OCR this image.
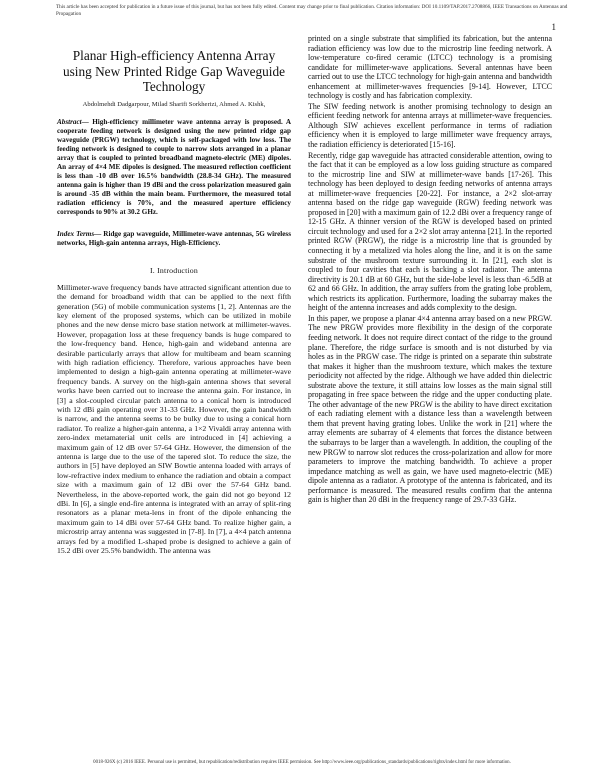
This article has been accepted for publication in a future issue of this journal, but has not been fully edited. Content may change prior to final publication. Citation information: DOI 10.1109/TAP.2017.2708866, IEEE Transactions on Antennas and Propagation
1
Planar High-efficiency Antenna Array using New Printed Ridge Gap Waveguide Technology
Abdolmehdi Dadgarpour, Milad Sharifi Sorkherizi, Ahmed A. Kishk,

Abstract— High-efficiency millimeter wave antenna array is proposed. A cooperate feeding network is designed using the new printed ridge gap waveguide (PRGW) technology, which is self-packaged with low loss. The feeding network is designed to couple to narrow slots arranged in a planar array that is coupled to printed broadband magneto-electric (ME) dipoles. An array of 4×4 ME dipoles is designed. The measured reflection coefficient is less than -10 dB over 16.5% bandwidth (28.8-34 GHz). The measured antenna gain is higher than 19 dBi and the cross polarization measured gain is around -35 dB within the main beam. Furthermore, the measured total radiation efficiency is 70%, and the measured aperture efficiency corresponds to 90% at 30.2 GHz.

Index Terms— Ridge gap waveguide, Millimeter-wave antennas, 5G wireless networks, High-gain antenna arrays, High-Efficiency.

I. Introduction

Millimeter-wave frequency bands have attracted significant attention due to the demand for broadband width that can be applied to the next fifth generation (5G) of mobile communication systems [1, 2]. Antennas are the key element of the proposed systems, which can be utilized in mobile phones and the new dense micro base station network at millimeter-waves. However, propagation loss at these frequency bands is huge compared to the low-frequency band. Hence, high-gain and wideband antenna are desirable particularly arrays that allow for multibeam and beam scanning with high radiation efficiency. Therefore, various approaches have been implemented to design a high-gain antenna operating at millimeter-wave frequency bands. A survey on the high-gain antenna shows that several works have been carried out to increase the antenna gain. For instance, in [3] a slot-coupled circular patch antenna to a conical horn is introduced with 12 dBi gain operating over 31-33 GHz. However, the gain bandwidth is narrow, and the antenna seems to be bulky due to using a conical horn radiator. To realize a higher-gain antenna, a 1×2 Vivaldi array antenna with zero-index metamaterial unit cells are introduced in [4] achieving a maximum gain of 12 dB over 57-64 GHz. However, the dimension of the antenna is large due to the use of the tapered slot. To reduce the size, the authors in [5] have deployed an SIW Bowtie antenna loaded with arrays of low-refractive index medium to enhance the radiation and obtain a compact size with a maximum gain of 12 dBi over the 57-64 GHz band. Nevertheless, in the above-reported work, the gain did not go beyond 12 dBi. In [6], a single end-fire antenna is integrated with an array of split-ring resonators as a planar meta-lens in front of the dipole enhancing the maximum gain to 14 dBi over 57-64 GHz band. To realize higher gain, a microstrip array antenna was suggested in [7-8]. In [7], a 4×4 patch antenna arrays fed by a modified L-shaped probe is designed to achieve a gain of 15.2 dBi over 25.5% bandwidth. The antenna was

printed on a single substrate that simplified its fabrication, but the antenna radiation efficiency was low due to the microstrip line feeding network. A low-temperature co-fired ceramic (LTCC) technology is a promising candidate for millimeter-wave applications. Several antennas have been carried out to use the LTCC technology for high-gain antenna and bandwidth enhancement at millimeter-waves frequencies [9-14]. However, LTCC technology is costly and has fabrication complexity.

The SIW feeding network is another promising technology to design an efficient feeding network for antenna arrays at millimeter-wave frequencies. Although SIW achieves excellent performance in terms of radiation efficiency when it is employed to large millimeter wave frequency arrays, the radiation efficiency is deteriorated [15-16].

Recently, ridge gap waveguide has attracted considerable attention, owing to the fact that it can be employed as a low loss guiding structure as compared to the microstrip line and SIW at millimeter-wave bands [17-26]. This technology has been deployed to design feeding networks of antenna arrays at millimeter-wave frequencies [20-22]. For instance, a 2×2 slot-array antenna based on the ridge gap waveguide (RGW) feeding network was proposed in [20] with a maximum gain of 12.2 dBi over a frequency range of 12-15 GHz. A thinner version of the RGW is developed based on printed circuit technology and used for a 2×2 slot array antenna [21]. In the reported printed RGW (PRGW), the ridge is a microstrip line that is grounded by connecting it by a metalized via holes along the line, and it is on the same substrate of the mushroom texture surrounding it. In [21], each slot is coupled to four cavities that each is backing a slot radiator. The antenna directivity is 20.1 dB at 60 GHz, but the side-lobe level is less than -6.5dB at 62 and 66 GHz. In addition, the array suffers from the grating lobe problem, which restricts its application. Furthermore, loading the subarray makes the height of the antenna increases and adds complexity to the design.

In this paper, we propose a planar 4×4 antenna array based on a new PRGW. The new PRGW provides more flexibility in the design of the corporate feeding network. It does not require direct contact of the ridge to the ground plane. Therefore, the ridge surface is smooth and is not disturbed by via holes as in the PRGW case. The ridge is printed on a separate thin substrate that makes it higher than the mushroom texture, which makes the texture periodicity not affected by the ridge. Although we have added thin dielectric substrate above the texture, it still attains low losses as the main signal still propagating in free space between the ridge and the upper conducting plate. The other advantage of the new PRGW is the ability to have direct excitation of each radiating element with a distance less than a wavelength between them that prevent having grating lobes. Unlike the work in [21] where the array elements are subarray of 4 elements that forces the distance between the subarrays to be larger than a wavelength. In addition, the coupling of the new PRGW to narrow slot reduces the cross-polarization and allow for more parameters to improve the matching bandwidth. To achieve a proper impedance matching as well as gain, we have used magneto-electric (ME) dipole antenna as a radiator. A prototype of the antenna is fabricated, and its performance is measured. The measured results confirm that the antenna gain is higher than 20 dBi in the frequency range of 29.7-33 GHz.

0018-926X (c) 2016 IEEE. Personal use is permitted, but republication/redistribution requires IEEE permission. See http://www.ieee.org/publications_standards/publications/rights/index.html for more information.
